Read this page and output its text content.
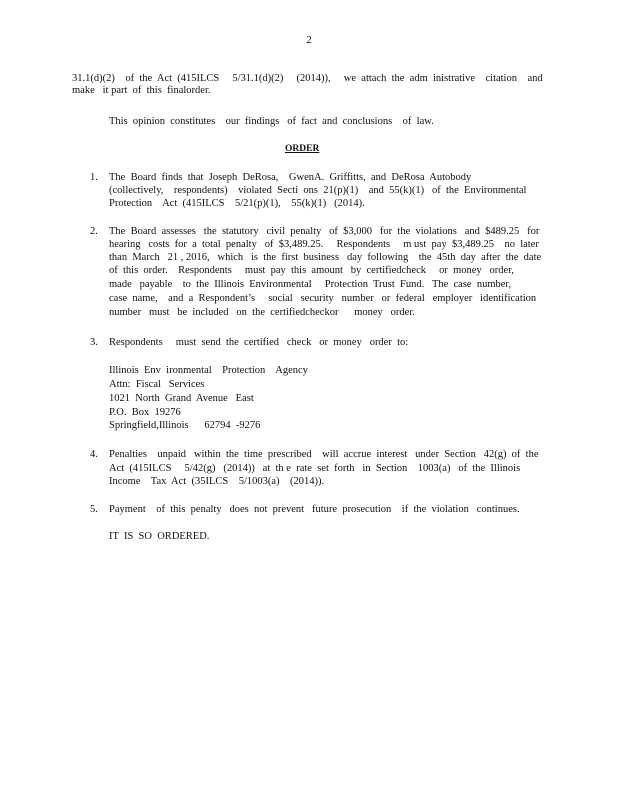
2
31.1(d)(2)    of  the  Act  (415ILCS     5/31.1(d)(2)     (2014)),     we  attach  the  adm  inistrative    citation    and
make   it part  of  this  finalorder.
This  opinion  constitutes    our  findings   of  fact  and  conclusions    of  law.
ORDER
1. The  Board  finds  that  Joseph  DeRosa,    GwenA.  Griffitts,  and  DeRosa  Autobody
(collectively,    respondents)    violated  Secti  ons  21(p)(1)    and  55(k)(1)   of  the  Environmental
Protection    Act  (415ILCS    5/21(p)(1),    55(k)(1)   (2014).
2. The  Board  assesses   the  statutory   civil  penalty   of  $3,000   for  the  violations   and  $489.25   for
hearing   costs  for  a  total  penalty   of  $3,489.25.     Respondents     m ust  pay  $3,489.25    no  later
than  March   21 , 2016,   which   is  the  first  business   day  following    the  45th  day  after  the  date
of  this  order.    Respondents     must  pay  this  amount   by  certifiedcheck     or  money   order,
made   payable    to  the  Illinois  Environmental     Protection  Trust  Fund.   The  case  number,
case  name,    and  a  Respondent’s     social   security   number   or  federal   employer   identification
number   must   be  included   on  the  certifiedcheckor      money   order.
3. Respondents     must  send  the  certified   check   or  money   order  to:
Illinois  Env  ironmental    Protection    Agency
Attn:  Fiscal   Services
1021  North  Grand  Avenue   East
P.O.  Box  19276
Springfield,Illinois      62794  -9276
4. Penalties    unpaid   within  the  time  prescribed    will  accrue  interest   under  Section   42(g)  of  the
Act  (415ILCS     5/42(g)   (2014))   at  th e  rate  set  forth   in  Section    1003(a)   of  the  Illinois
Income    Tax  Act  (35ILCS    5/1003(a)    (2014)).
5. Payment    of  this  penalty   does  not  prevent   future  prosecution    if  the  violation   continues.
IT  IS  SO  ORDERED.
